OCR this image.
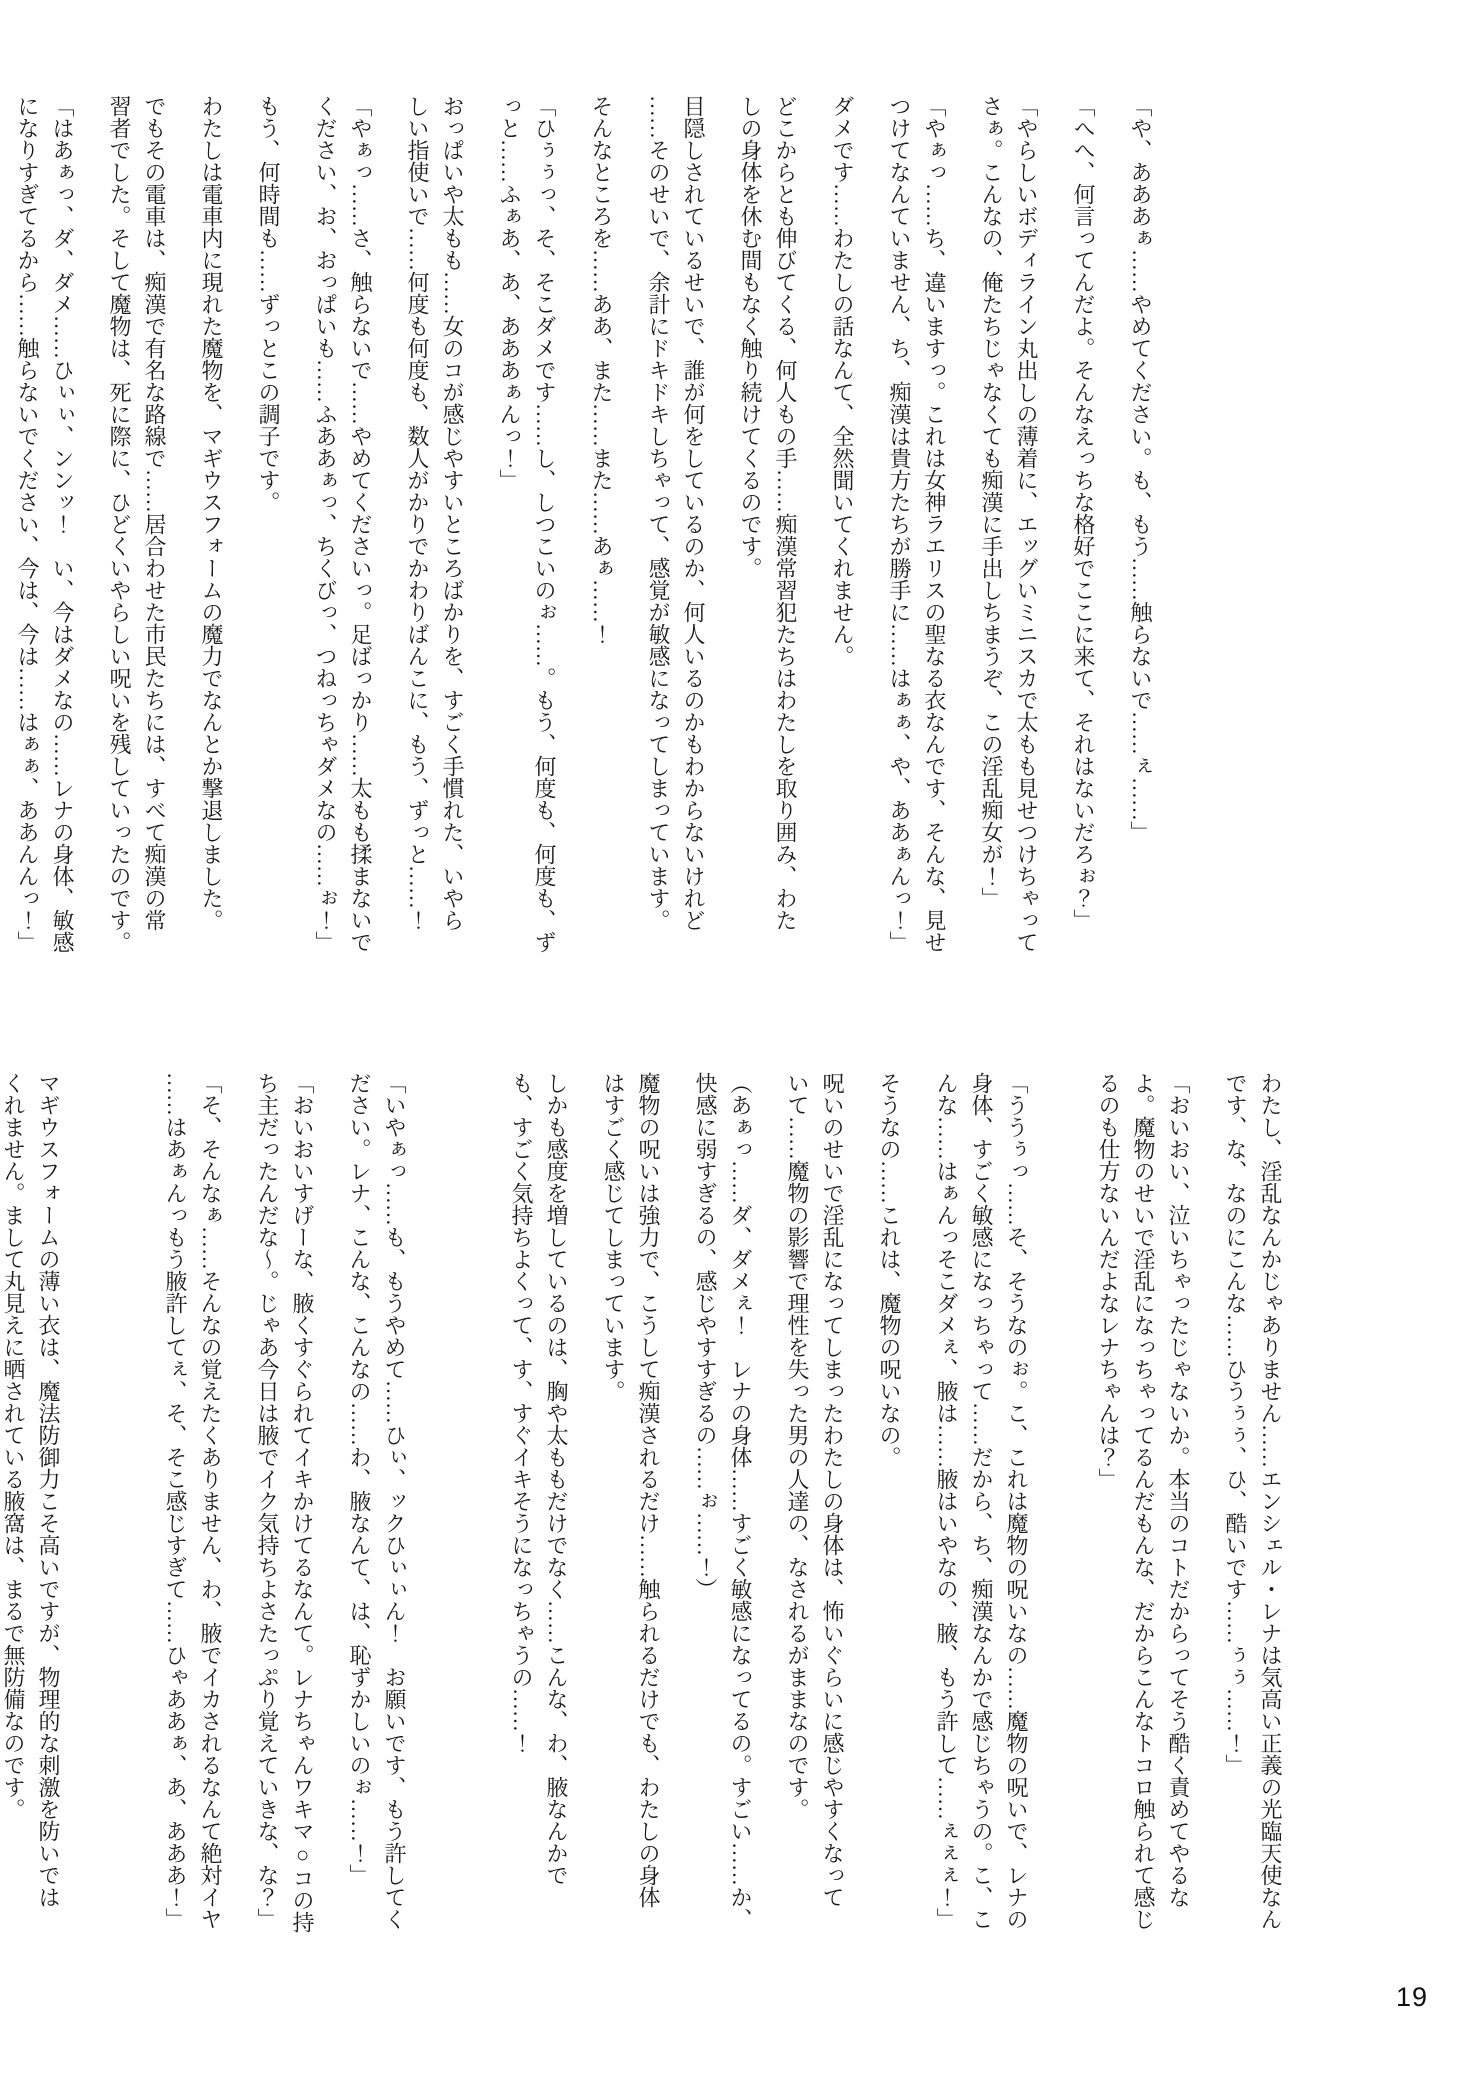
「や、あああぁ……やめてください。も、もう……触らないで……ぇ……」
「へへ、何言ってんだよ。そんなえっちな格好でここに来て、それはないだろぉ？」
「やらしいボディライン丸出しの薄着に、エッグいミニスカで太もも見せつけちゃって
さぁ。こんなの、俺たちじゃなくても痴漢に手出しちまうぞ、この淫乱痴女が！」
「やぁっ……ち、違いますっ。これは女神ラエリスの聖なる衣なんです、そんな、見せ
つけてなんていません、ち、痴漢は貴方たちが勝手に……はぁぁ、や、ああぁんっ！」
ダメです……わたしの話なんて、全然聞いてくれません。
どこからとも伸びてくる、何人もの手……痴漢常習犯たちはわたしを取り囲み、わた
しの身体を休む間もなく触り続けてくるのです。
目隠しされているせいで、誰が何をしているのか、何人いるのかもわからないけれど
……そのせいで、余計にドキドキしちゃって、感覚が敏感になってしまっています。
そんなところを……ああ、また……また……あぁ……！
「ひぅぅっ、そ、そこダメです……し、しつこいのぉ……。もう、何度も、何度も、ず
っと……ふぁあ、あ、あああぁんっ！」
おっぱいや太もも……女のコが感じやすいところばかりを、すごく手慣れた、いやら
しい指使いで……何度も何度も、数人がかりでかわりばんこに、もう、ずっと……！
「やぁっ……さ、触らないで……やめてくださいっ。足ばっかり……太もも揉まないで
ください、お、おっぱいも……ふああぁっ、ちくびっ、つねっちゃダメなの……ぉ！」
もう、何時間も……ずっとこの調子です。
わたしは電車内に現れた魔物を、マギウスフォームの魔力でなんとか撃退しました。
でもその電車は、痴漢で有名な路線で……居合わせた市民たちには、すべて痴漢の常
習者でした。そして魔物は、死に際に、ひどくいやらしい呪いを残していったのです。
「はあぁっ、ダ、ダメ……ひぃぃ、ンンッ！　い、今はダメなの……レナの身体、敏感
になりすぎてるから……触らないでください、今は、今は……はぁぁ、ああんんっ！」
わたし、淫乱なんかじゃありません……エンシェル・レナは気高い正義の光臨天使なん
です、な、なのにこんな……ひうぅぅ、ひ、酷いです……ぅぅ……！」
「おいおい、泣いちゃったじゃないか。本当のコトだからってそう酷く責めてやるな
よ。魔物のせいで淫乱になっちゃってるんだもんな、だからこんなトコロ触られて感じ
るのも仕方ないんだよなレナちゃんは？」
「ううぅっ……そ、そうなのぉ。こ、これは魔物の呪いなの……魔物の呪いで、レナの
身体、すごく敏感になっちゃって……だから、ち、痴漢なんかで感じちゃうの。こ、こ
んな……はぁんっそこダメぇ、腋は……腋はいやなの、腋、もう許して……ぇぇぇ！」
そうなの……これは、魔物の呪いなの。
呪いのせいで淫乱になってしまったわたしの身体は、怖いぐらいに感じやすくなって
いて……魔物の影響で理性を失った男の人達の、なされるがままなのです。
（あぁっ……ダ、ダメぇ！　レナの身体……すごく敏感になってるの。すごい……か、
快感に弱すぎるの、感じやすすぎるの……ぉ……！）
魔物の呪いは強力で、こうして痴漢されるだけ……触られるだけでも、わたしの身体
はすごく感じてしまっています。
しかも感度を増しているのは、胸や太ももだけでなく……こんな、わ、腋なんかで
も、すごく気持ちよくって、す、すぐイキそうになっちゃうの……！
「いやぁっ……も、もうやめて……ひぃ、ックひぃぃん！　お願いです、もう許してく
ださい。レナ、こんな、こんなの……わ、腋なんて、は、恥ずかしいのぉ……！」
「おいおいすげーな、腋くすぐられてイキかけてるなんて。レナちゃんワキマ○コの持
ち主だったんだな〜。じゃあ今日は腋でイク気持ちよさたっぷり覚えていきな、な？」
「そ、そんなぁ……そんなの覚えたくありません、わ、腋でイカされるなんて絶対イヤ
……はあぁんっもう腋許してぇ、そ、そこ感じすぎて……ひゃああぁ、あ、あああ！」
マギウスフォームの薄い衣は、魔法防御力こそ高いですが、物理的な刺激を防いでは
くれません。まして丸見えに晒されている腋窩は、まるで無防備なのです。
19
